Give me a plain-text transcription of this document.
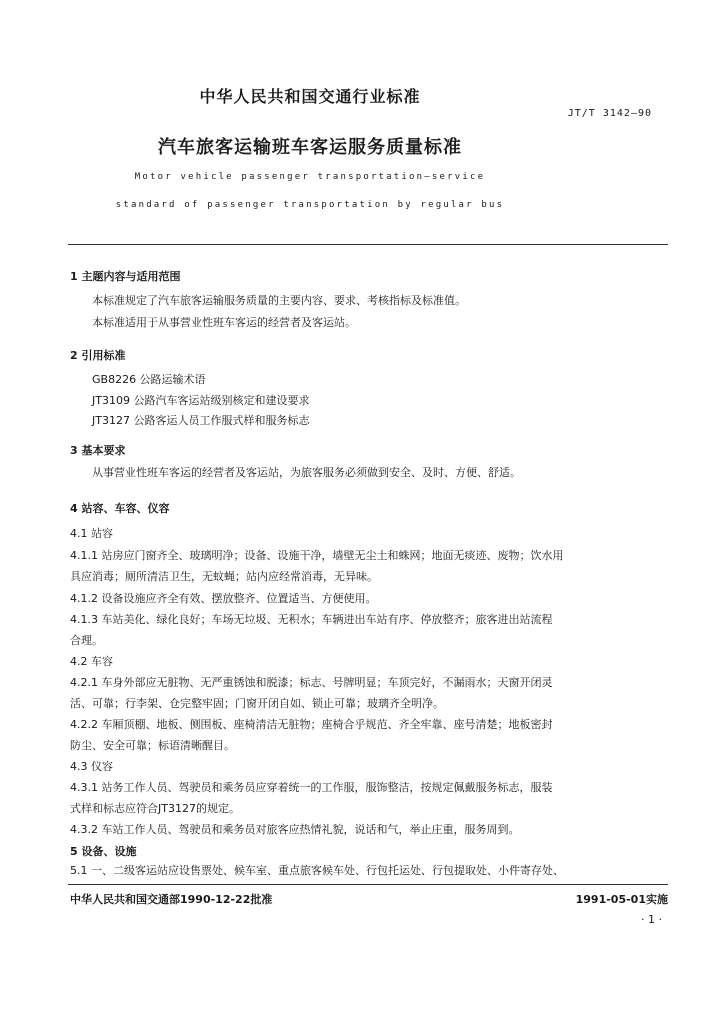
中华人民共和国交通行业标准
JT/T 3142—90
汽车旅客运输班车客运服务质量标准
Motor vehicle passenger transportation—service
standard of passenger transportation by regular bus
1 主题内容与适用范围
本标准规定了汽车旅客运输服务质量的主要内容、要求、考核指标及标准值。
本标准适用于从事营业性班车客运的经营者及客运站。
2 引用标准
GB8226 公路运输术语
JT3109 公路汽车客运站级别核定和建设要求
JT3127 公路客运人员工作服式样和服务标志
3 基本要求
从事营业性班车客运的经营者及客运站，为旅客服务必须做到安全、及时、方便、舒适。
4 站容、车容、仪容
4.1 站容
4.1.1 站房应门窗齐全、玻璃明净；设备、设施干净，墙壁无尘土和蛛网；地面无痰迹、废物；饮水用
具应消毒；厕所清洁卫生，无蚊蝇；站内应经常消毒，无异味。
4.1.2 设备设施应齐全有效、摆放整齐、位置适当、方便使用。
4.1.3 车站美化、绿化良好；车场无垃圾、无积水；车辆进出车站有序、停放整齐；旅客进出站流程
合理。
4.2 车容
4.2.1 车身外部应无脏物、无严重锈蚀和脱漆；标志、号牌明显；车顶完好，不漏雨水；天窗开闭灵
活、可靠；行李架、仓完整牢固；门窗开闭自如、锁止可靠；玻璃齐全明净。
4.2.2 车厢顶棚、地板、侧围板、座椅清洁无脏物；座椅合乎规范、齐全牢靠、座号清楚；地板密封
防尘、安全可靠；标语清晰醒目。
4.3 仪容
4.3.1 站务工作人员、驾驶员和乘务员应穿着统一的工作服，服饰整洁，按规定佩戴服务标志，服装
式样和标志应符合JT3127的规定。
4.3.2 车站工作人员、驾驶员和乘务员对旅客应热情礼貌，说话和气，举止庄重，服务周到。
5 设备、设施
5.1 一、二级客运站应设售票处、候车室、重点旅客候车处、行包托运处、行包提取处、小件寄存处、
中华人民共和国交通部1990-12-22批准	1991-05-01实施
· 1 ·
